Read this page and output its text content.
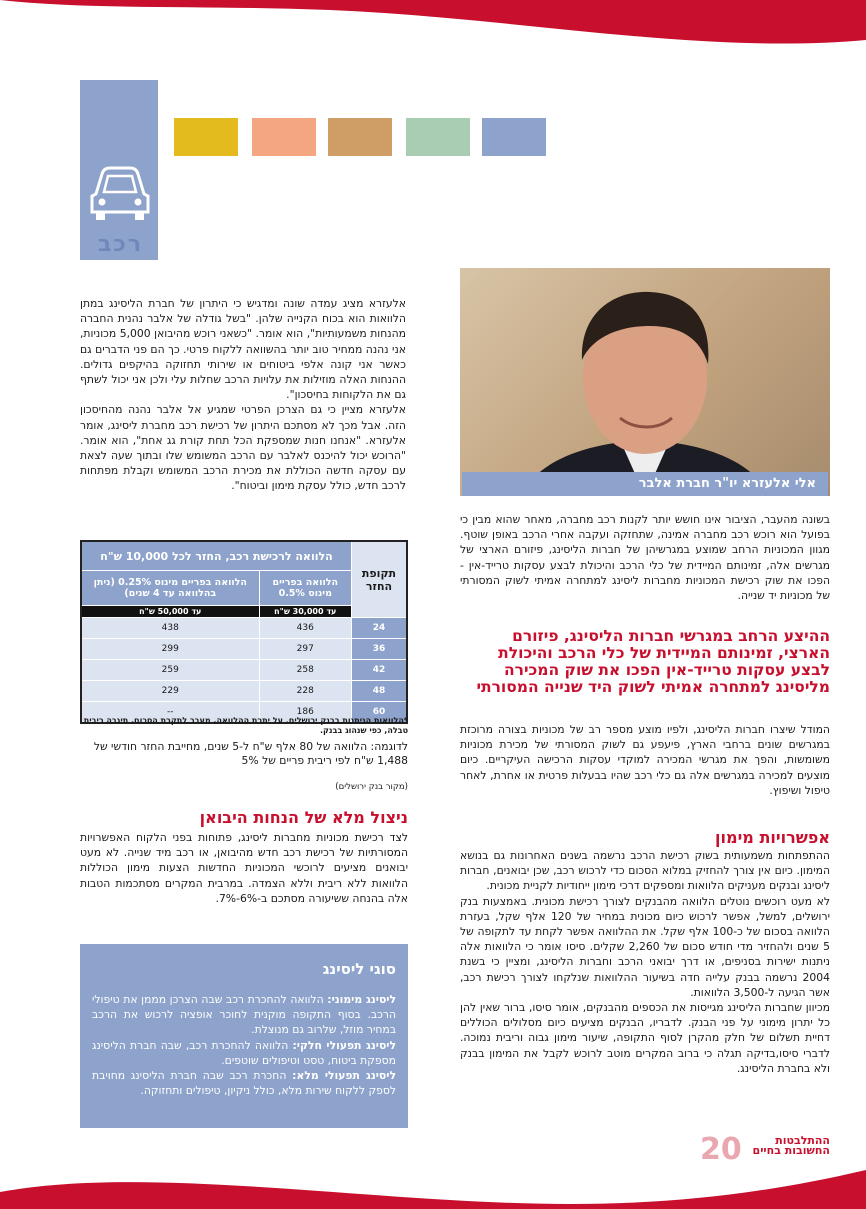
רכב
אלי אלעזרא יו"ר חברת אלבר
אלעזרא מציג עמדה שונה ומדגיש כי היתרון של חברת הליסינג במתן הלוואות הוא בכוח הקנייה שלהן. "בשל גודלה של אלבר נהנית החברה מהנחות משמעותיות", הוא אומר. "כשאני רוכש מהיבואן 5,000 מכוניות, אני נהנה ממחיר טוב יותר בהשוואה ללקוח פרטי. כך הם פני הדברים גם כאשר אני קונה אלפי ביטוחים או שירותי תחזוקה בהיקפים גדולים. ההנחות האלה מוזילות את עלויות הרכב שחלות עלי ולכן אני יכול לשתף גם את הלקוחות בחיסכון".
אלעזרא מציין כי גם הצרכן הפרטי שמגיע אל אלבר נהנה מהחיסכון הזה. אבל מכך לא מסתכם היתרון של רכישת רכב מחברת ליסינג, אומר אלעזרא. "אנחנו חנות שמספקת הכל תחת קורת גג אחת", הוא אומר. "הרוכש יכול להיכנס לאלבר עם הרכב המשומש שלו ובתוך שעה לצאת עם עסקה חדשה הכוללת את מכירת הרכב המשומש וקבלת מפתחות לרכב חדש, כולל עסקת מימון וביטוח".
תקופת החזר	הלוואה לרכישת רכב, החזר לכל 10,000 ש"ח	
	הלוואה בפריים מינוס 0.5%	הלוואה בפריים מינוס 0.25% (ניתן בהלוואה עד 4 שנים)
	עד 30,000 ש"ח	עד 50,000 ש"ח
24	436	438
36	297	299
42	258	259
48	228	229
60	186	--
*הלוואות הניתנות בבנק ירושלים. על יתרת ההלוואה, מעבר לתקרת הסכום, תיגבה ריבית טבלה, כפי שנהוג בבנק.
לדוגמה: הלוואה של 80 אלף ש"ח ל-5 שנים, מחייבת החזר חודשי של 1,488 ש"ח לפי ריבית פריים של 5%
(מקור בנק ירושלים)
ניצול מלא של הנחות היבואן
לצד רכישת מכוניות מחברות ליסינג, פתוחות בפני הלקוח האפשרויות המסורתיות של רכישת רכב חדש מהיבואן, או רכב מיד שנייה. לא מעט יבואנים מציעים לרוכשי המכוניות החדשות הצעות מימון הכוללות הלוואות ללא ריבית וללא הצמדה. במרבית המקרים מסתכמות הטבות אלה בהנחה ששיעורה מסתכם ב-6%-7%.
סוגי ליסינג
ליסינג מימוני: הלוואה להחכרת רכב שבה הצרכן מממן את טיפולי הרכב. בסוף התקופה מוקנית לחוכר אופציה לרכוש את הרכב במחיר מוזל, שלרוב גם מנוצלת.
ליסינג תפעולי חלקי: הלוואה להחכרת רכב, שבה חברת הליסינג מספקת ביטוח, טסט וטיפולים שוטפים.
ליסינג תפעולי מלא: החכרת רכב שבה חברת הליסינג מחויבת לספק ללקוח שירות מלא, כולל ניקיון, טיפולים ותחזוקה.
בשונה מהעבר, הציבור אינו חושש יותר לקנות רכב מחברה, מאחר שהוא מבין כי בפועל הוא רוכש רכב מחברה אמינה, שתחזקה ועקבה אחרי הרכב באופן שוטף. מגוון המכוניות הרחב שמוצע במגרשיהן של חברות הליסינג, פיזורם הארצי של מגרשים אלה, זמינותם המיידית של כלי הרכב והיכולת לבצע עסקות טרייד-אין - הפכו את שוק רכישת המכוניות מחברות ליסינג למתחרה אמיתי לשוק המסורתי של מכוניות יד שנייה.
ההיצע הרחב במגרשי חברות הליסינג, פיזורם הארצי, זמינותם המיידית של כלי הרכב והיכולת לבצע עסקות טרייד-אין הפכו את שוק המכירה מליסינג למתחרה אמיתי לשוק היד שנייה המסורתי
המודל שיצרו חברות הליסינג, ולפיו מוצע מספר רב של מכוניות בצורה מרוכזת במגרשים שונים ברחבי הארץ, פיעפע גם לשוק המסורתי של מכירת מכוניות משומשות, והפך את מגרשי המכירה למוקדי עסקות הרכישה העיקריים. כיום מוצעים למכירה במגרשים אלה גם כלי רכב שהיו בבעלות פרטית או אחרת, לאחר טיפול ושיפוץ.
אפשרויות מימון
ההתפתחות משמעותית בשוק רכישת הרכב נרשמה בשנים האחרונות גם בנושא המימון. כיום אין צורך להחזיק במלוא הסכום כדי לרכוש רכב, שכן יבואנים, חברות ליסינג ובנקים מעניקים הלוואות ומספקים דרכי מימון ייחודיות לקניית מכונית.
לא מעט רוכשים נוטלים הלוואה מהבנקים לצורך רכישת מכונית. באמצעות בנק ירושלים, למשל, אפשר לרכוש כיום מכונית במחיר של 120 אלף שקל, בעזרת הלוואה בסכום של כ-100 אלף שקל. את ההלוואה אפשר לקחת עד לתקופה של 5 שנים ולהחזיר מדי חודש סכום של 2,260 שקלים. סיסו אומר כי הלוואות אלה ניתנות ישירות בסניפים, או דרך יבואני הרכב וחברות הליסינג, ומציין כי בשנת 2004 נרשמה בבנק עלייה חדה בשיעור ההלוואות שנלקחו לצורך רכישת רכב, אשר הגיעה ל-3,500 הלוואות.
מכיוון שחברות הליסינג מגייסות את הכספים מהבנקים, אומר סיסו, ברור שאין להן כל יתרון מימוני על פני הבנק. לדבריו, הבנקים מציעים כיום מסלולים הכוללים דחיית תשלום של חלק מהקרן לסוף התקופה, שיעור מימון גבוה וריבית נמוכה. לדברי סיסו,בדיקה תגלה כי ברוב המקרים מוטב לרוכש לקבל את המימון בבנק ולא בחברת הליסינג.
20	ההתלבטות החשובות בחיים
